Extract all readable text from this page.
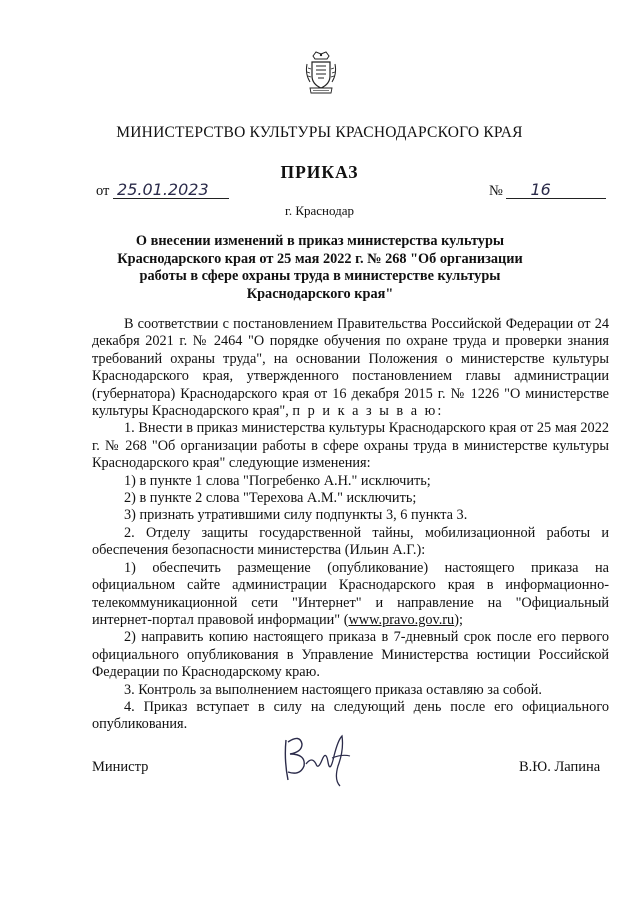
МИНИСТЕРСТВО КУЛЬТУРЫ КРАСНОДАРСКОГО КРАЯ
ПРИКАЗ
от 25.01.2023	№ 16
г. Краснодар
О внесении изменений в приказ министерства культуры Краснодарского края от 25 мая 2022 г. № 268 "Об организации работы в сфере охраны труда в министерстве культуры Краснодарского края"

В соответствии с постановлением Правительства Российской Федерации от 24 декабря 2021 г. № 2464 "О порядке обучения по охране труда и проверки знания требований охраны труда", на основании Положения о министерстве культуры Краснодарского края, утвержденного постановлением главы администрации (губернатора) Краснодарского края от 16 декабря 2015 г. № 1226 "О министерстве культуры Краснодарского края", п р и к а з ы в а ю:

1. Внести в приказ министерства культуры Краснодарского края от 25 мая 2022 г. № 268 "Об организации работы в сфере охраны труда в министерстве культуры Краснодарского края" следующие изменения:

1) в пункте 1 слова "Погребенко А.Н." исключить;

2) в пункте 2 слова "Терехова А.М." исключить;

3) признать утратившими силу подпункты 3, 6 пункта 3.

2. Отделу защиты государственной тайны, мобилизационной работы и обеспечения безопасности министерства (Ильин А.Г.):

1) обеспечить размещение (опубликование) настоящего приказа на официальном сайте администрации Краснодарского края в информационно-телекоммуникационной сети "Интернет" и направление на "Официальный интернет-портал правовой информации" (www.pravo.gov.ru);

2) направить копию настоящего приказа в 7-дневный срок после его первого официального опубликования в Управление Министерства юстиции Российской Федерации по Краснодарскому краю.

3. Контроль за выполнением настоящего приказа оставляю за собой.

4. Приказ вступает в силу на следующий день после его официального опубликования.

Министр	В.Ю. Лапина
